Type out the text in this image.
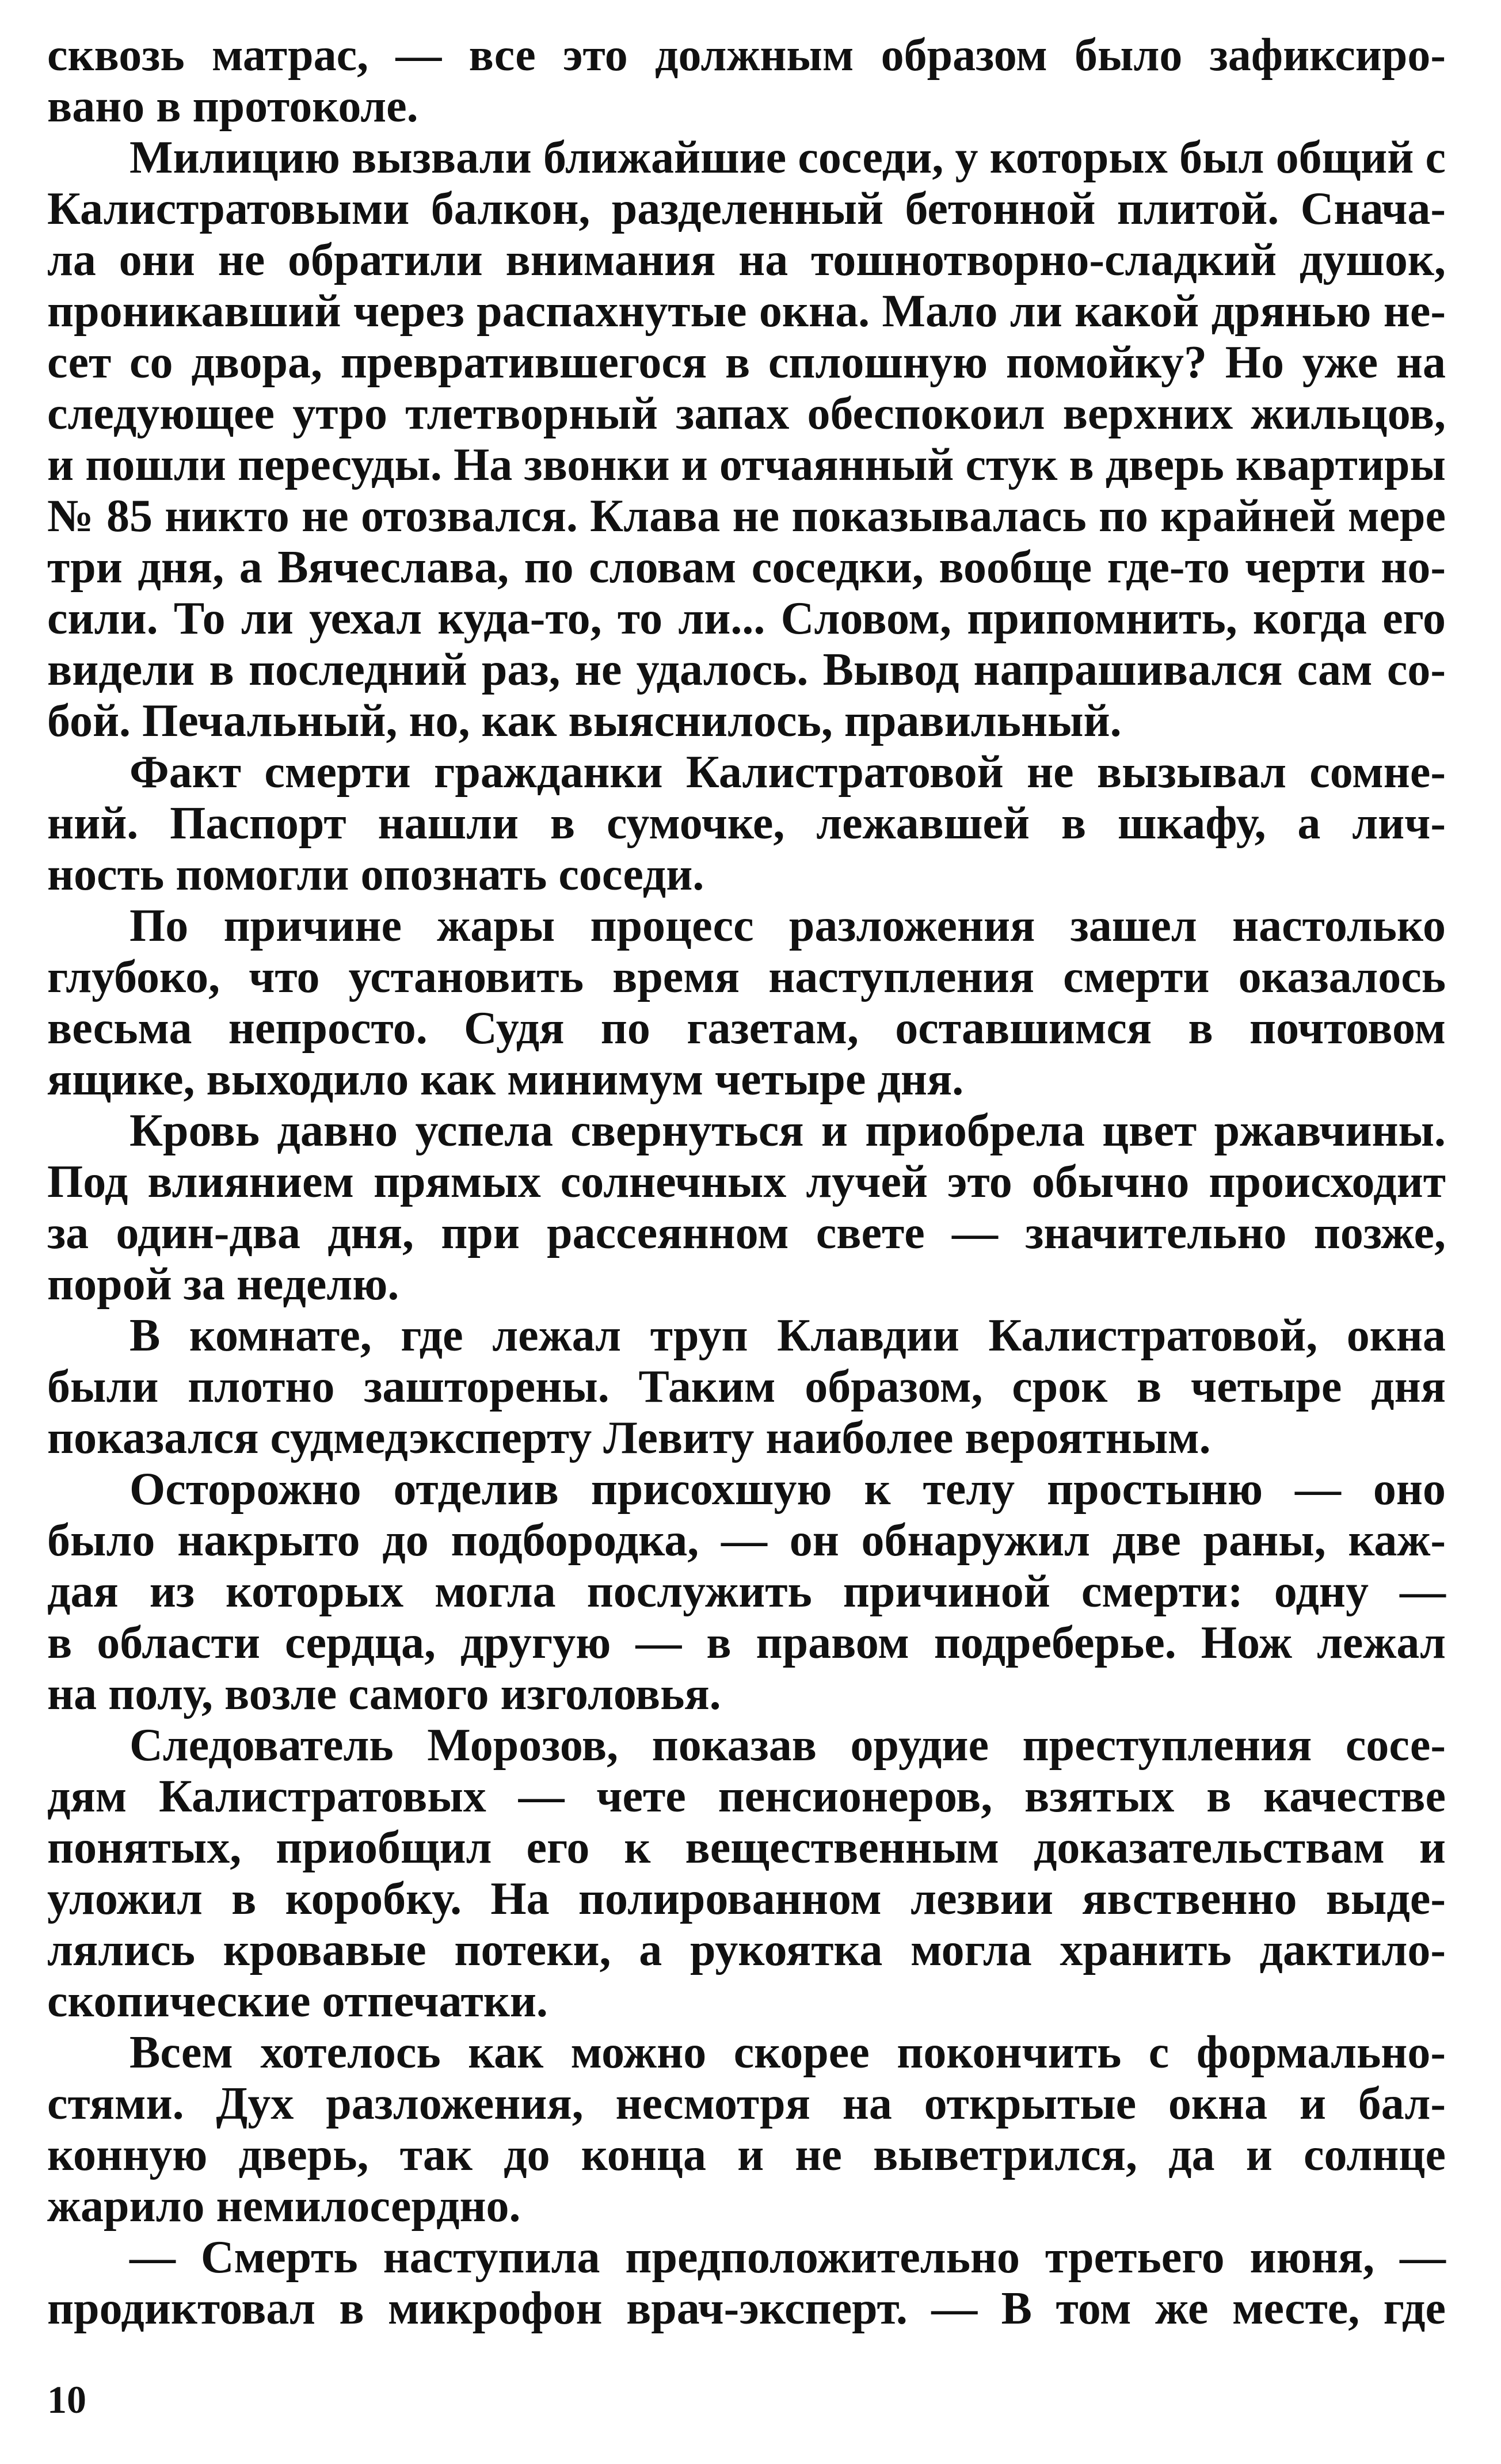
сквозь матрас, — все это должным образом было зафиксиро-
вано в протоколе.
Милицию вызвали ближайшие соседи, у которых был общий с
Калистратовыми балкон, разделенный бетонной плитой. Снача-
ла они не обратили внимания на тошнотворно-сладкий душок,
проникавший через распахнутые окна. Мало ли какой дрянью не-
сет со двора, превратившегося в сплошную помойку? Но уже на
следующее утро тлетворный запах обеспокоил верхних жильцов,
и пошли пересуды. На звонки и отчаянный стук в дверь квартиры
№ 85 никто не отозвался. Клава не показывалась по крайней мере
три дня, а Вячеслава, по словам соседки, вообще где-то черти но-
сили. То ли уехал куда-то, то ли... Словом, припомнить, когда его
видели в последний раз, не удалось. Вывод напрашивался сам со-
бой. Печальный, но, как выяснилось, правильный.
Факт смерти гражданки Калистратовой не вызывал сомне-
ний. Паспорт нашли в сумочке, лежавшей в шкафу, а лич-
ность помогли опознать соседи.
По причине жары процесс разложения зашел настолько
глубоко, что установить время наступления смерти оказалось
весьма непросто. Судя по газетам, оставшимся в почтовом
ящике, выходило как минимум четыре дня.
Кровь давно успела свернуться и приобрела цвет ржавчины.
Под влиянием прямых солнечных лучей это обычно происходит
за один-два дня, при рассеянном свете — значительно позже,
порой за неделю.
В комнате, где лежал труп Клавдии Калистратовой, окна
были плотно зашторены. Таким образом, срок в четыре дня
показался судмедэксперту Левиту наиболее вероятным.
Осторожно отделив присохшую к телу простыню — оно
было накрыто до подбородка, — он обнаружил две раны, каж-
дая из которых могла послужить причиной смерти: одну —
в области сердца, другую — в правом подреберье. Нож лежал
на полу, возле самого изголовья.
Следователь Морозов, показав орудие преступления сосе-
дям Калистратовых — чете пенсионеров, взятых в качестве
понятых, приобщил его к вещественным доказательствам и
уложил в коробку. На полированном лезвии явственно выде-
лялись кровавые потеки, а рукоятка могла хранить дактило-
скопические отпечатки.
Всем хотелось как можно скорее покончить с формально-
стями. Дух разложения, несмотря на открытые окна и бал-
конную дверь, так до конца и не выветрился, да и солнце
жарило немилосердно.
— Смерть наступила предположительно третьего июня, —
продиктовал в микрофон врач-эксперт. — В том же месте, где
10
